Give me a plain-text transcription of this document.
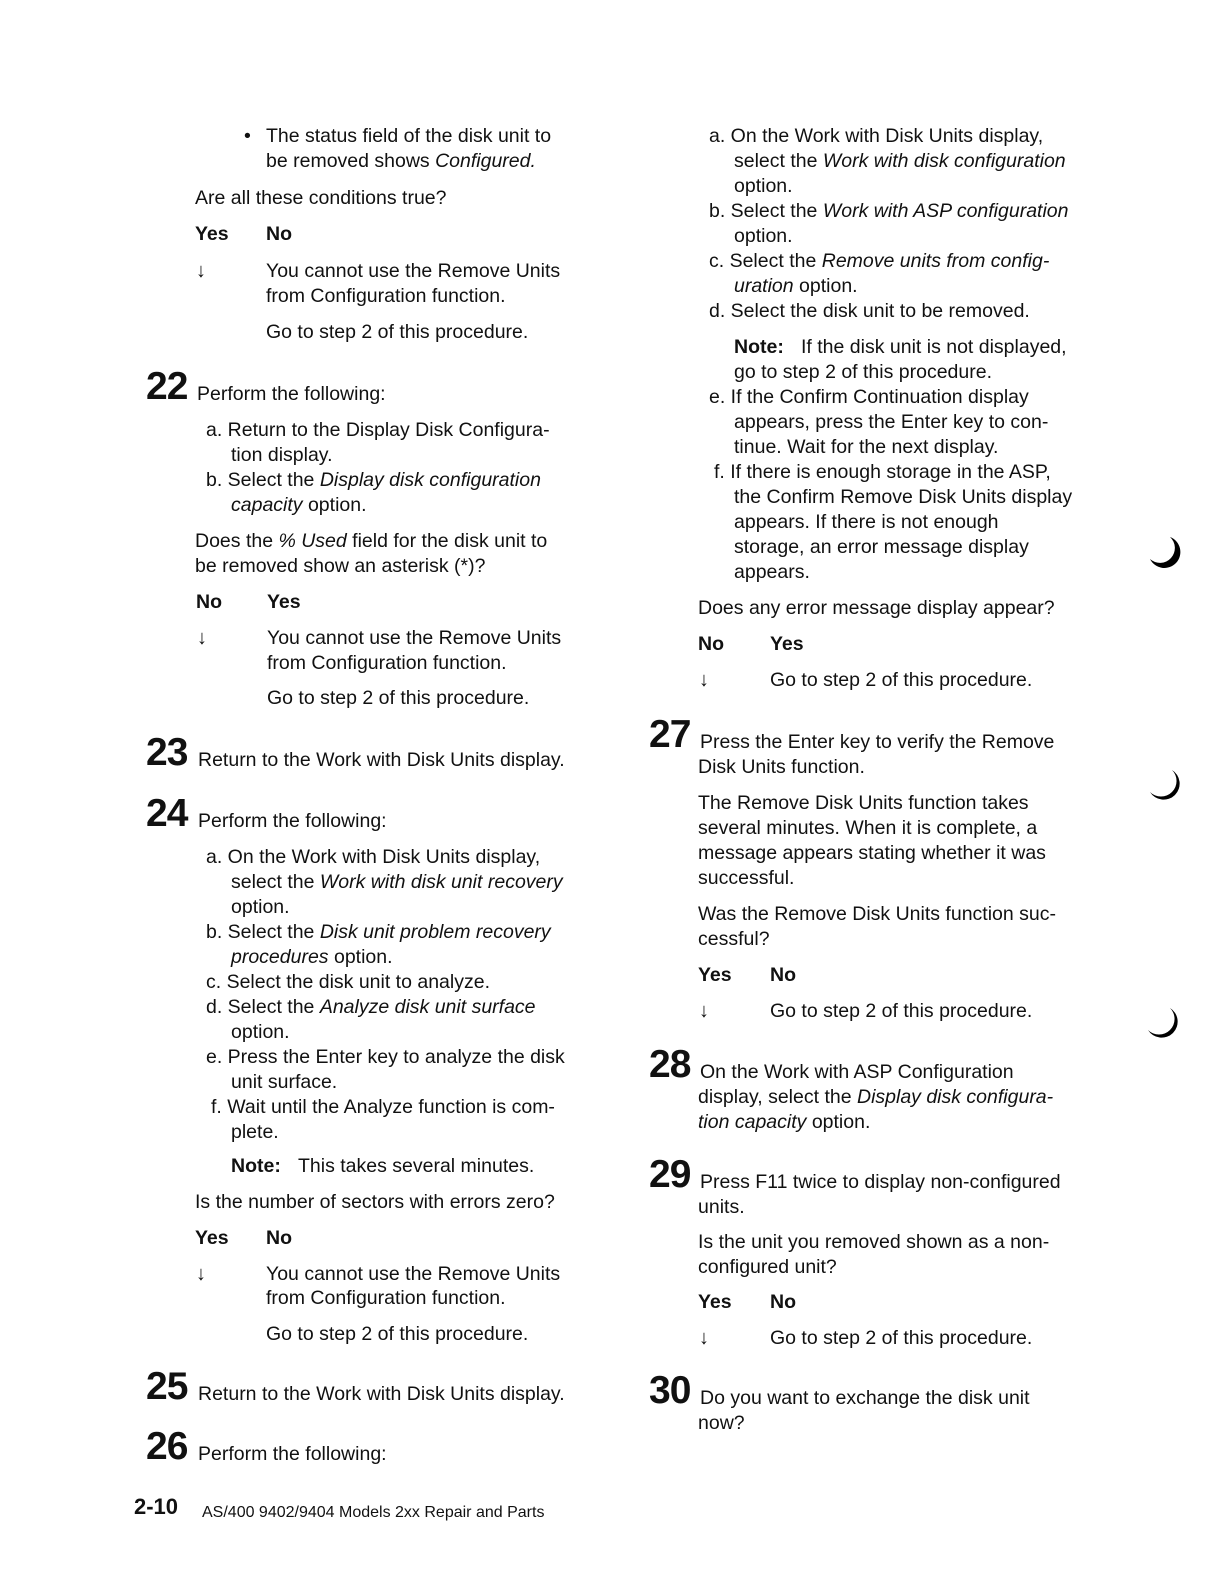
• The status field of the disk unit to
be removed shows Configured.
Are all these conditions true?
Yes No
↓	You cannot use the Remove Units
from Configuration function.
Go to step 2 of this procedure.
22 Perform the following:
a. Return to the Display Disk Configura-
tion display.
b. Select the Display disk configuration
capacity option.
Does the % Used field for the disk unit to
be removed show an asterisk (*)?
No Yes
↓	You cannot use the Remove Units
from Configuration function.
Go to step 2 of this procedure.
23 Return to the Work with Disk Units display.
24 Perform the following:
a. On the Work with Disk Units display,
select the Work with disk unit recovery
option.
b. Select the Disk unit problem recovery
procedures option.
c. Select the disk unit to analyze.
d. Select the Analyze disk unit surface
option.
e. Press the Enter key to analyze the disk
unit surface.
f. Wait until the Analyze function is com-
plete.
Note: This takes several minutes.
Is the number of sectors with errors zero?
Yes No
↓	You cannot use the Remove Units
from Configuration function.
Go to step 2 of this procedure.
25 Return to the Work with Disk Units display.
26 Perform the following:
a. On the Work with Disk Units display,
select the Work with disk configuration
option.
b. Select the Work with ASP configuration
option.
c. Select the Remove units from config-
uration option.
d. Select the disk unit to be removed.
Note: If the disk unit is not displayed,
go to step 2 of this procedure.
e. If the Confirm Continuation display
appears, press the Enter key to con-
tinue. Wait for the next display.
f. If there is enough storage in the ASP,
the Confirm Remove Disk Units display
appears. If there is not enough
storage, an error message display
appears.
Does any error message display appear?
No Yes
↓	Go to step 2 of this procedure.
27 Press the Enter key to verify the Remove
Disk Units function.
The Remove Disk Units function takes
several minutes. When it is complete, a
message appears stating whether it was
successful.
Was the Remove Disk Units function suc-
cessful?
Yes No
↓	Go to step 2 of this procedure.
28 On the Work with ASP Configuration
display, select the Display disk configura-
tion capacity option.
29 Press F11 twice to display non-configured
units.
Is the unit you removed shown as a non-
configured unit?
Yes No
↓	Go to step 2 of this procedure.
30 Do you want to exchange the disk unit
now?
2-10 AS/400 9402/9404 Models 2xx Repair and Parts
